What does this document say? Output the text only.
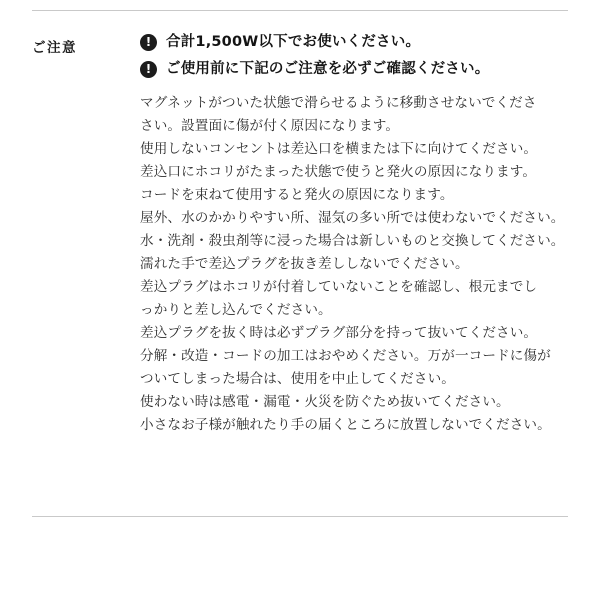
ご注意	!	合計1,500W以下でお使いください。
!	ご使用前に下記のご注意を必ずご確認ください。

マグネットがついた状態で滑らせるように移動させないでくださ

さい。設置面に傷が付く原因になります。

使用しないコンセントは差込口を横または下に向けてください。

差込口にホコリがたまった状態で使うと発火の原因になります。

コードを束ねて使用すると発火の原因になります。

屋外、水のかかりやすい所、湿気の多い所では使わないでください。

水・洗剤・殺虫剤等に浸った場合は新しいものと交換してください。

濡れた手で差込プラグを抜き差ししないでください。

差込プラグはホコリが付着していないことを確認し、根元までし

っかりと差し込んでください。

差込プラグを抜く時は必ずプラグ部分を持って抜いてください。

分解・改造・コードの加工はおやめください。万が一コードに傷が

ついてしまった場合は、使用を中止してください。

使わない時は感電・漏電・火災を防ぐため抜いてください。

小さなお子様が触れたり手の届くところに放置しないでください。
